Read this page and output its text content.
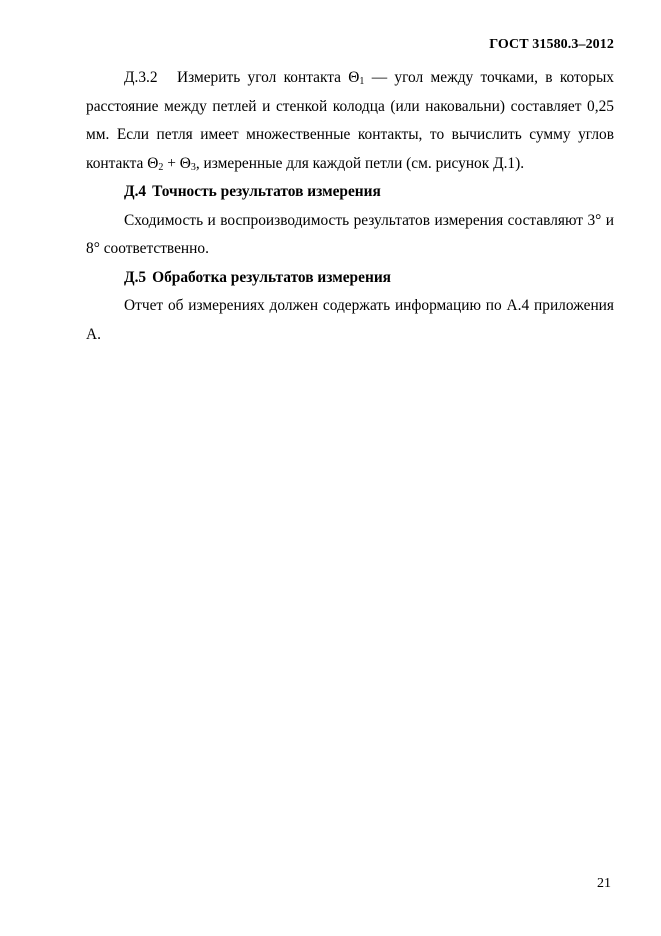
ГОСТ 31580.3–2012

Д.3.2 Измерить угол контакта $\Theta_1$ — угол между точками, в которых расстояние между петлей и стенкой колодца (или наковальни) составляет 0,25 мм. Если петля имеет множественные контакты, то вычислить сумму углов контакта $\Theta_2 + \Theta_3$, измеренные для каждой петли (см. рисунок Д.1).

Д.4 Точность результатов измерения

Сходимость и воспроизводимость результатов измерения составляют 3° и 8° соответственно.

Д.5 Обработка результатов измерения

Отчет об измерениях должен содержать информацию по А.4 приложения А.

21
